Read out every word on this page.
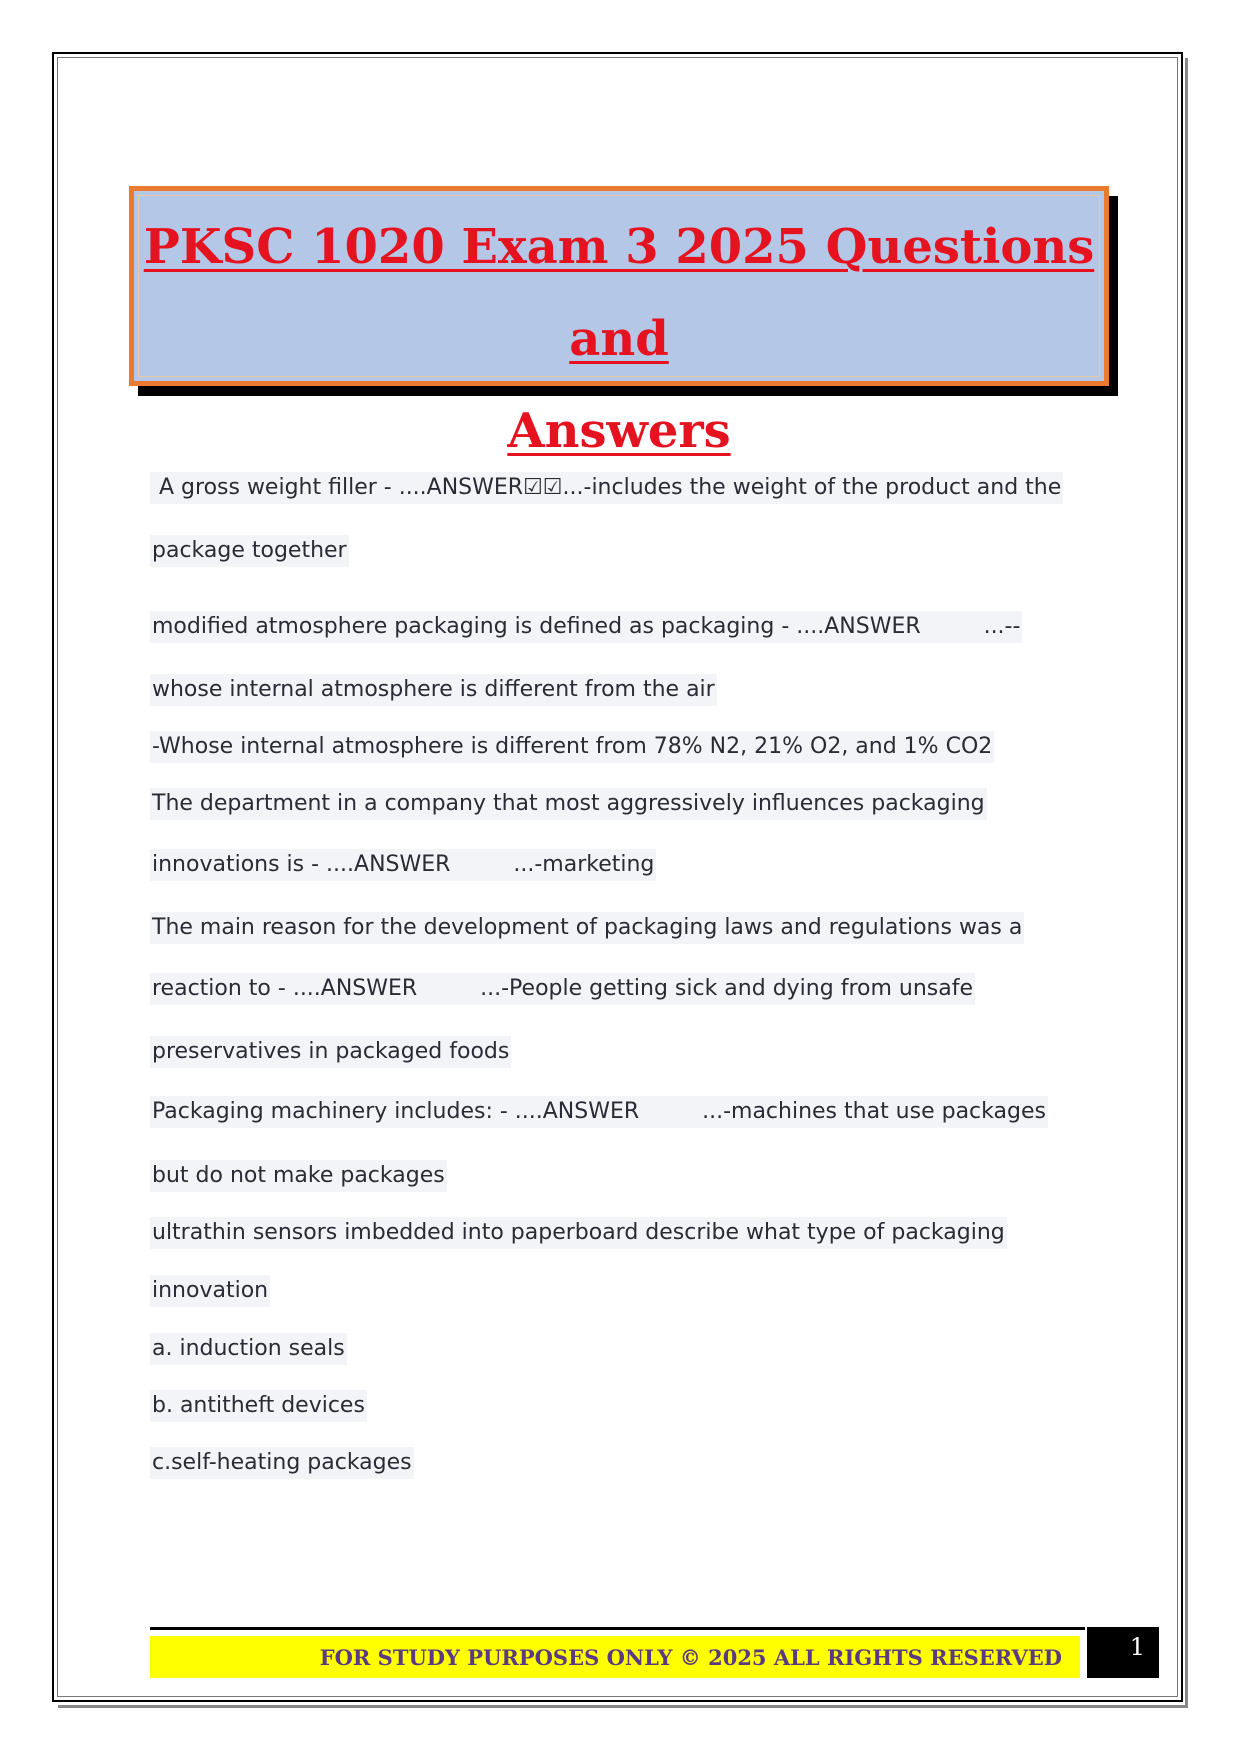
PKSC 1020 Exam 3 2025 Questions and
Answers
A gross weight filler - ....ANSWER☑☑...-includes the weight of the product and the
package together
modified atmosphere packaging is defined as packaging - ....ANSWER         ...--
whose internal atmosphere is different from the air
-Whose internal atmosphere is different from 78% N2, 21% O2, and 1% CO2
The department in a company that most aggressively influences packaging
innovations is - ....ANSWER         ...-marketing
The main reason for the development of packaging laws and regulations was a
reaction to - ....ANSWER         ...-People getting sick and dying from unsafe
preservatives in packaged foods
Packaging machinery includes: - ....ANSWER         ...-machines that use packages
but do not make packages
ultrathin sensors imbedded into paperboard describe what type of packaging
innovation
a. induction seals
b. antitheft devices
c.self-heating packages
FOR STUDY PURPOSES ONLY © 2025 ALL RIGHTS RESERVED	1
